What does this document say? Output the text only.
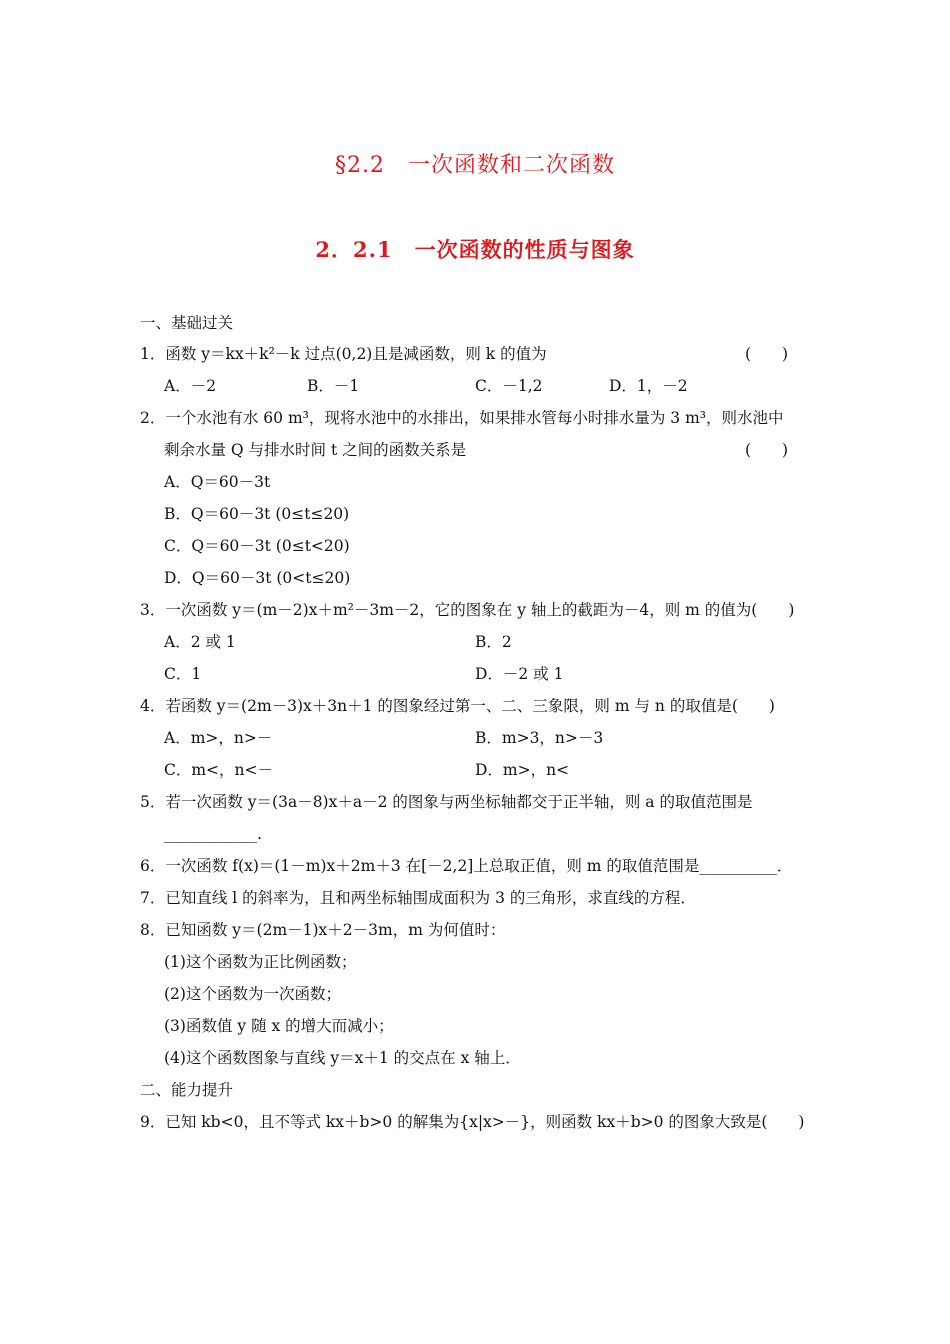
§2.2　一次函数和二次函数
2．2.1　一次函数的性质与图象
一、基础过关
1．函数 y＝kx＋k²－k 过点(0,2)且是减函数，则 k 的值为	(　　)
A．－2	B．－1	C．－1,2	D．1，－2
2．一个水池有水 60 m³，现将水池中的水排出，如果排水管每小时排水量为 3 m³，则水池中
剩余水量 Q 与排水时间 t 之间的函数关系是	(　　)
A．Q＝60－3t
B．Q＝60－3t (0≤t≤20)
C．Q＝60－3t (0≤t<20)
D．Q＝60－3t (0<t≤20)
3．一次函数 y＝(m－2)x＋m²－3m－2，它的图象在 y 轴上的截距为－4，则 m 的值为(　　)
A．2 或 1	B．2
C．1	D．－2 或 1
4．若函数 y＝(2m－3)x＋3n＋1 的图象经过第一、二、三象限，则 m 与 n 的取值是(　　)
A．m>，n>－	B．m>3，n>－3
C．m<，n<－	D．m>，n<
5．若一次函数 y＝(3a－8)x＋a－2 的图象与两坐标轴都交于正半轴，则 a 的取值范围是
____________.
6．一次函数 f(x)＝(1－m)x＋2m＋3 在[－2,2]上总取正值，则 m 的取值范围是__________．
7．已知直线 l 的斜率为，且和两坐标轴围成面积为 3 的三角形，求直线的方程．
8．已知函数 y＝(2m－1)x＋2－3m，m 为何值时：
(1)这个函数为正比例函数；
(2)这个函数为一次函数；
(3)函数值 y 随 x 的增大而减小；
(4)这个函数图象与直线 y＝x＋1 的交点在 x 轴上．
二、能力提升
9．已知 kb<0，且不等式 kx＋b>0 的解集为{x|x>－}，则函数 kx＋b>0 的图象大致是(　　)
